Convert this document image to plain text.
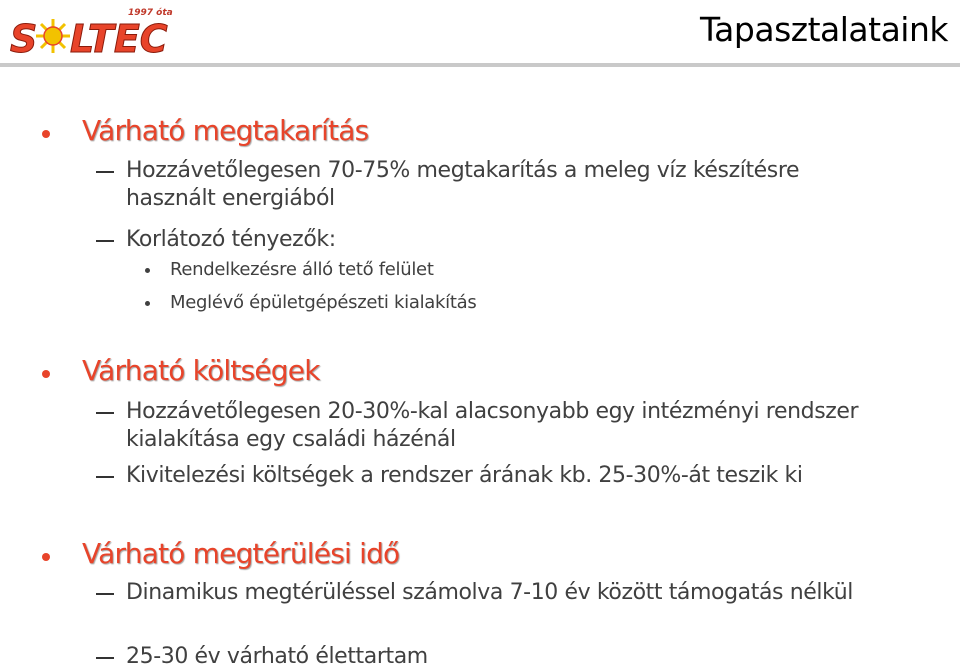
1997 óta
S LTEC	Tapasztalataink
Várható megtakarítás
Hozzávetőlegesen 70-75% megtakarítás a meleg víz készítésre használt energiából
Korlátozó tényezők:
Rendelkezésre álló tető felület
Meglévő épületgépészeti kialakítás
Várható költségek
Hozzávetőlegesen 20-30%-kal alacsonyabb egy intézményi rendszer kialakítása egy családi házénál
Kivitelezési költségek a rendszer árának kb. 25-30%-át teszik ki
Várható megtérülési idő
Dinamikus megtérüléssel számolva 7-10 év között támogatás nélkül
25-30 év várható élettartam
